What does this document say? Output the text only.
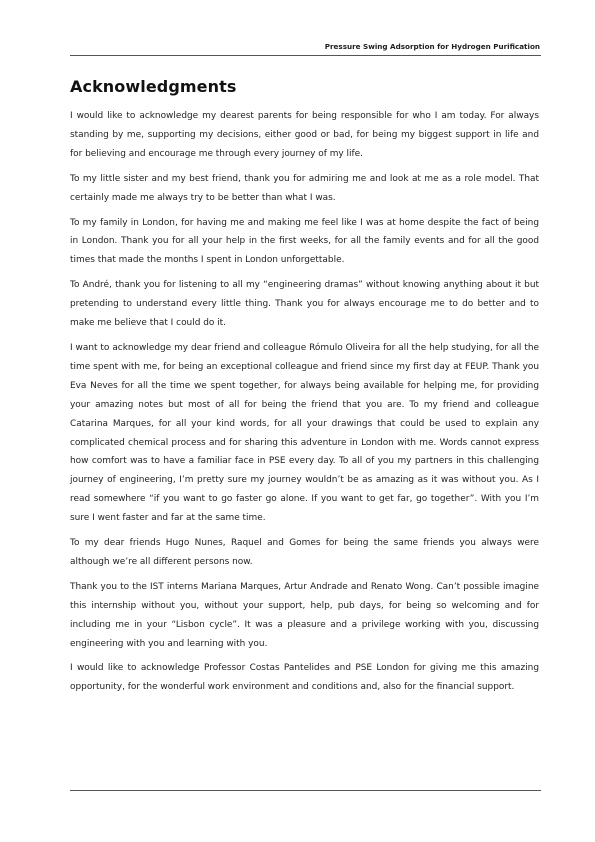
Pressure Swing Adsorption for Hydrogen Purification
Acknowledgments

I would like to acknowledge my dearest parents for being responsible for who I am today. For always standing by me, supporting my decisions, either good or bad, for being my biggest support in life and for believing and encourage me through every journey of my life.

To my little sister and my best friend, thank you for admiring me and look at me as a role model. That certainly made me always try to be better than what I was.

To my family in London, for having me and making me feel like I was at home despite the fact of being in London. Thank you for all your help in the first weeks, for all the family events and for all the good times that made the months I spent in London unforgettable.

To André, thank you for listening to all my “engineering dramas” without knowing anything about it but pretending to understand every little thing. Thank you for always encourage me to do better and to make me believe that I could do it.

I want to acknowledge my dear friend and colleague Rómulo Oliveira for all the help studying, for all the time spent with me, for being an exceptional colleague and friend since my first day at FEUP. Thank you Eva Neves for all the time we spent together, for always being available for helping me, for providing your amazing notes but most of all for being the friend that you are. To my friend and colleague Catarina Marques, for all your kind words, for all your drawings that could be used to explain any complicated chemical process and for sharing this adventure in London with me. Words cannot express how comfort was to have a familiar face in PSE every day. To all of you my partners in this challenging journey of engineering, I’m pretty sure my journey wouldn’t be as amazing as it was without you. As I read somewhere “if you want to go faster go alone. If you want to get far, go together”. With you I’m sure I went faster and far at the same time.

To my dear friends Hugo Nunes, Raquel and Gomes for being the same friends you always were although we’re all different persons now.

Thank you to the IST interns Mariana Marques, Artur Andrade and Renato Wong. Can’t possible imagine this internship without you, without your support, help, pub days, for being so welcoming and for including me in your “Lisbon cycle”. It was a pleasure and a privilege working with you, discussing engineering with you and learning with you.

I would like to acknowledge Professor Costas Pantelides and PSE London for giving me this amazing opportunity, for the wonderful work environment and conditions and, also for the financial support.
